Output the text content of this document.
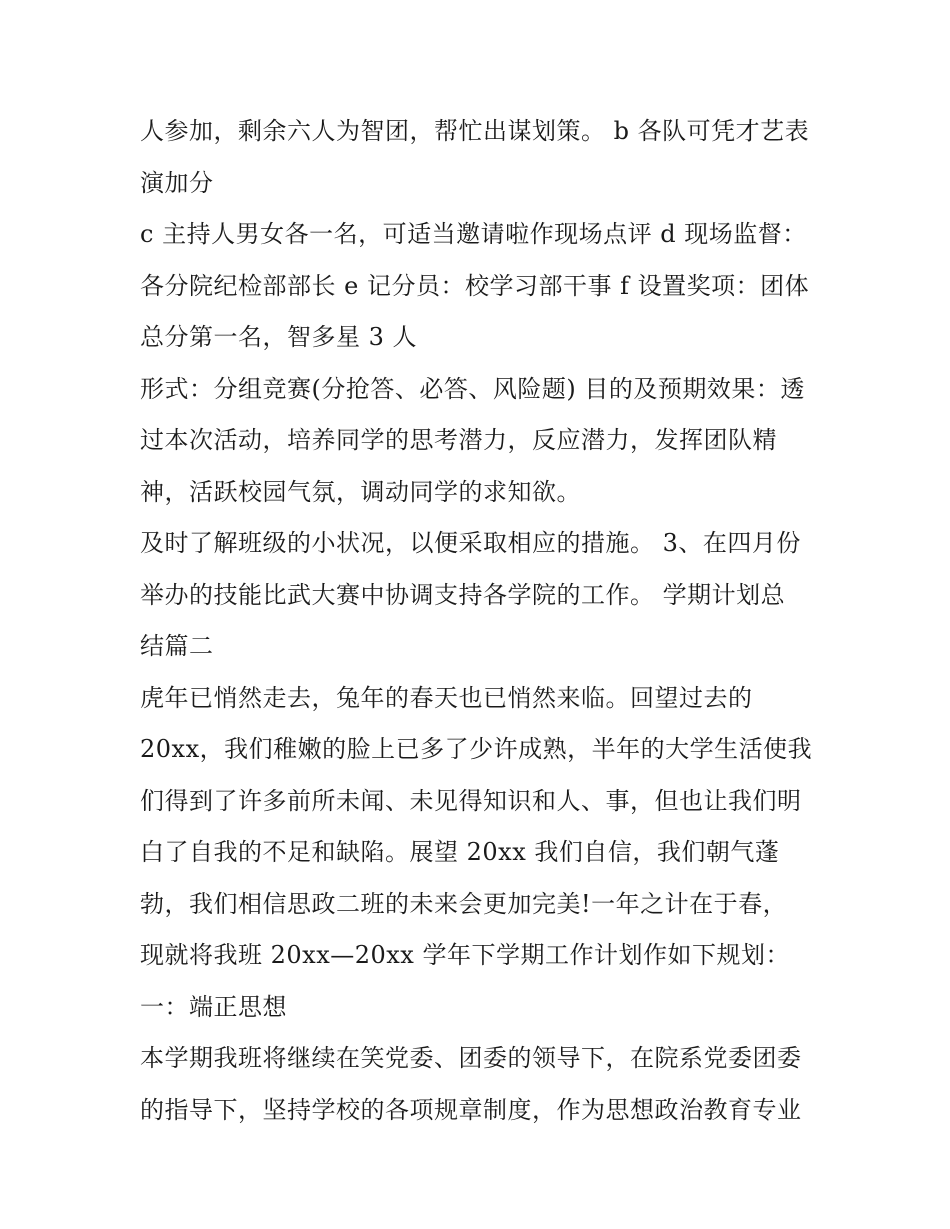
人参加，剩余六人为智团，帮忙出谋划策。 b 各队可凭才艺表
演加分
c 主持人男女各一名，可适当邀请啦作现场点评 d 现场监督：
各分院纪检部部长 e 记分员：校学习部干事 f 设置奖项：团体
总分第一名，智多星 3 人
形式：分组竞赛(分抢答、必答、风险题) 目的及预期效果：透
过本次活动，培养同学的思考潜力，反应潜力，发挥团队精
神，活跃校园气氛，调动同学的求知欲。
及时了解班级的小状况，以便采取相应的措施。 3、在四月份
举办的技能比武大赛中协调支持各学院的工作。 学期计划总
结篇二
虎年已悄然走去，兔年的春天也已悄然来临。回望过去的
20xx，我们稚嫩的脸上已多了少许成熟，半年的大学生活使我
们得到了许多前所未闻、未见得知识和人、事，但也让我们明
白了自我的不足和缺陷。展望 20xx 我们自信，我们朝气蓬
勃，我们相信思政二班的未来会更加完美!一年之计在于春，
现就将我班 20xx—20xx 学年下学期工作计划作如下规划：
一：端正思想
本学期我班将继续在笑党委、团委的领导下，在院系党委团委
的指导下，坚持学校的各项规章制度，作为思想政治教育专业
